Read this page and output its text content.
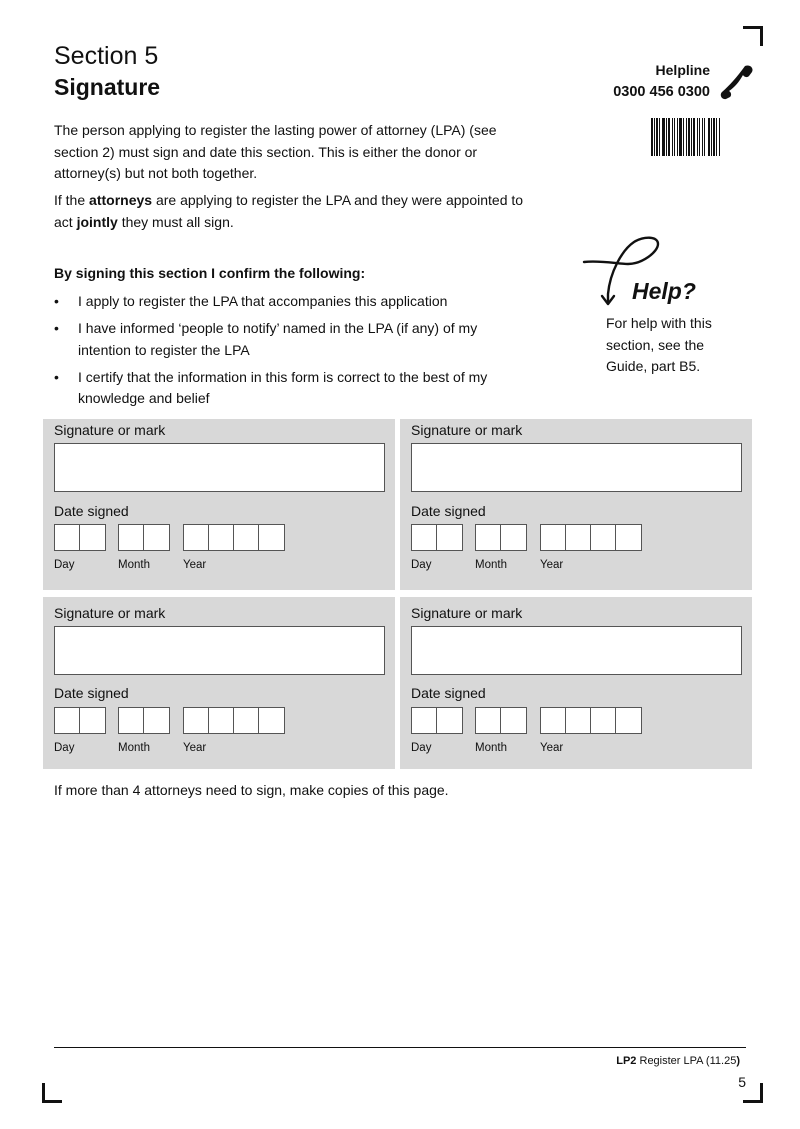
Section 5
Signature
Helpline
0300 456 0300
The person applying to register the lasting power of attorney (LPA) (see section 2) must sign and date this section. This is either the donor or attorney(s) but not both together.
If the attorneys are applying to register the LPA and they were appointed to act jointly they must all sign.
By signing this section I confirm the following:
• I apply to register the LPA that accompanies this application
• I have informed ‘people to notify’ named in the LPA (if any) of my intention to register the LPA
• I certify that the information in this form is correct to the best of my knowledge and belief
Help?
For help with this section, see the Guide, part B5.
Signature or mark
Date signed
Day	Month	Year
Signature or mark
Date signed
Day	Month	Year
Signature or mark
Date signed
Day	Month	Year
Signature or mark
Date signed
Day	Month	Year
If more than 4 attorneys need to sign, make copies of this page.
LP2 Register LPA (11.25)
5
